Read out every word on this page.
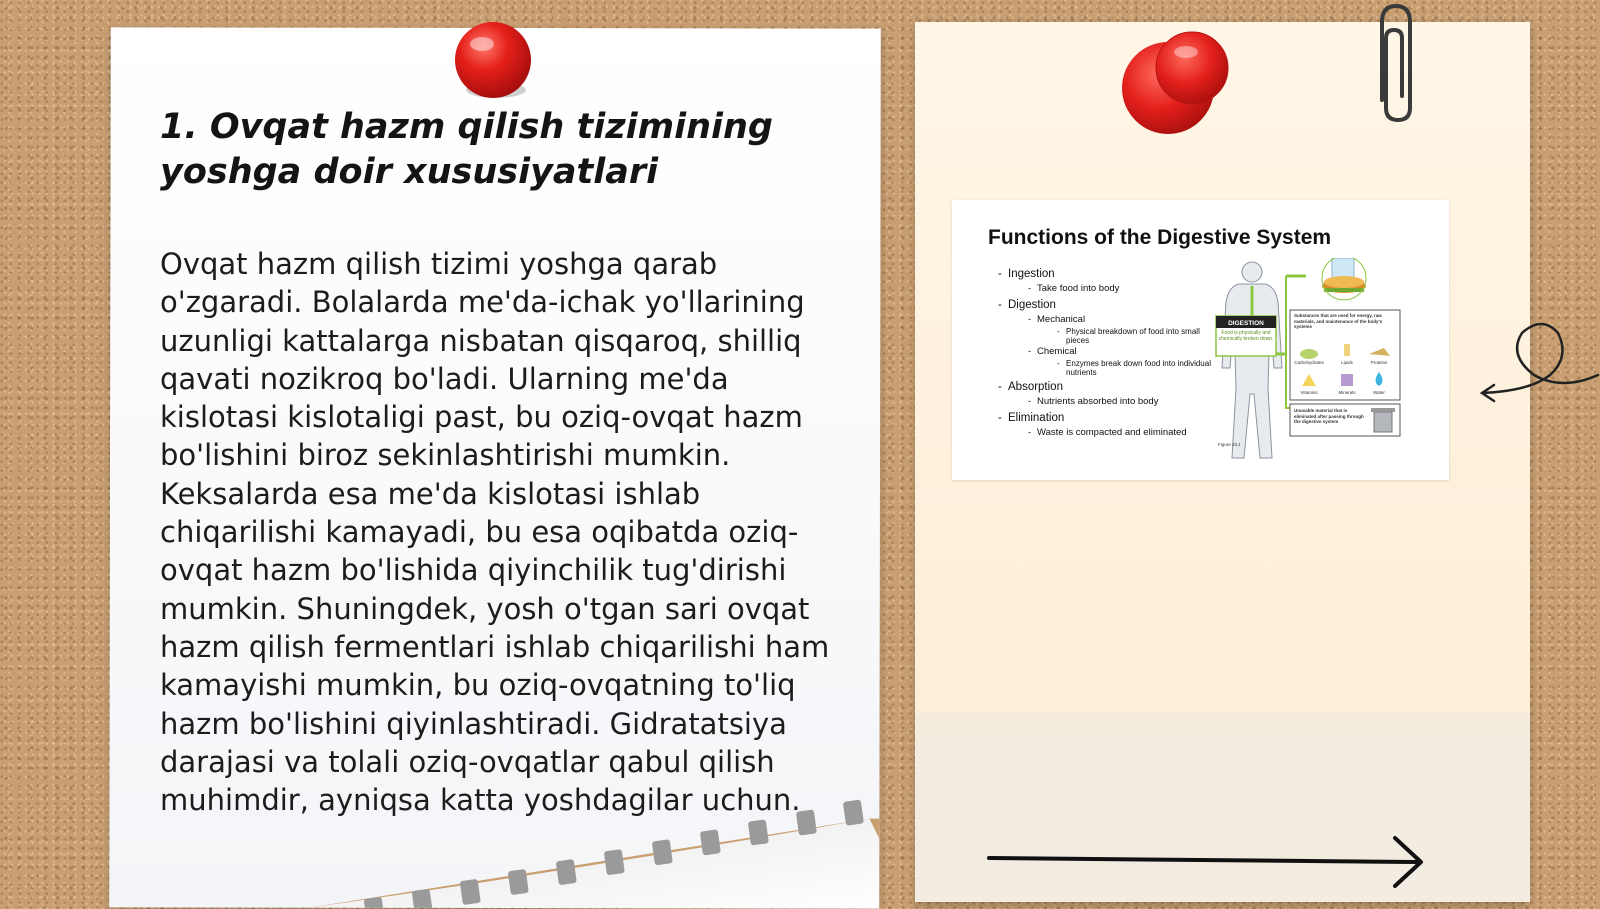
1. Ovqat hazm qilish tizimining
yoshga doir xususiyatlari

Ovqat hazm qilish tizimi yoshga qarab o'zgaradi. Bolalarda me'da-ichak yo'llarining uzunligi kattalarga nisbatan qisqaroq, shilliq qavati nozikroq bo'ladi. Ularning me'da kislotasi kislotaligi past, bu oziq-ovqat hazm bo'lishini biroz sekinlashtirishi mumkin. Keksalarda esa me'da kislotasi ishlab chiqarilishi kamayadi, bu esa oqibatda oziq-ovqat hazm bo'lishida qiyinchilik tug'dirishi mumkin. Shuningdek, yosh o'tgan sari ovqat hazm qilish fermentlari ishlab chiqarilishi ham kamayishi mumkin, bu oziq-ovqatning to'liq hazm bo'lishini qiyinlashtiradi. Gidratatsiya darajasi va tolali oziq-ovqatlar qabul qilish muhimdir, ayniqsa katta yoshdagilar uchun.

Functions of the Digestive System
- Ingestion
- Take food into body
- Digestion
- Mechanical
- Physical breakdown of food into small pieces
- Chemical
- Enzymes break down food into individual nutrients
- Absorption
- Nutrients absorbed into body
- Elimination
- Waste is compacted and eliminated
DIGESTION
Food is physically and chemically broken down.
Substances that are used for energy, raw materials, and maintenance of the body's systems
Carbohydrates	Lipids	Proteins
Vitamins	Minerals	Water
Unusable material that is eliminated after passing through the digestive system
Figure 23.1
